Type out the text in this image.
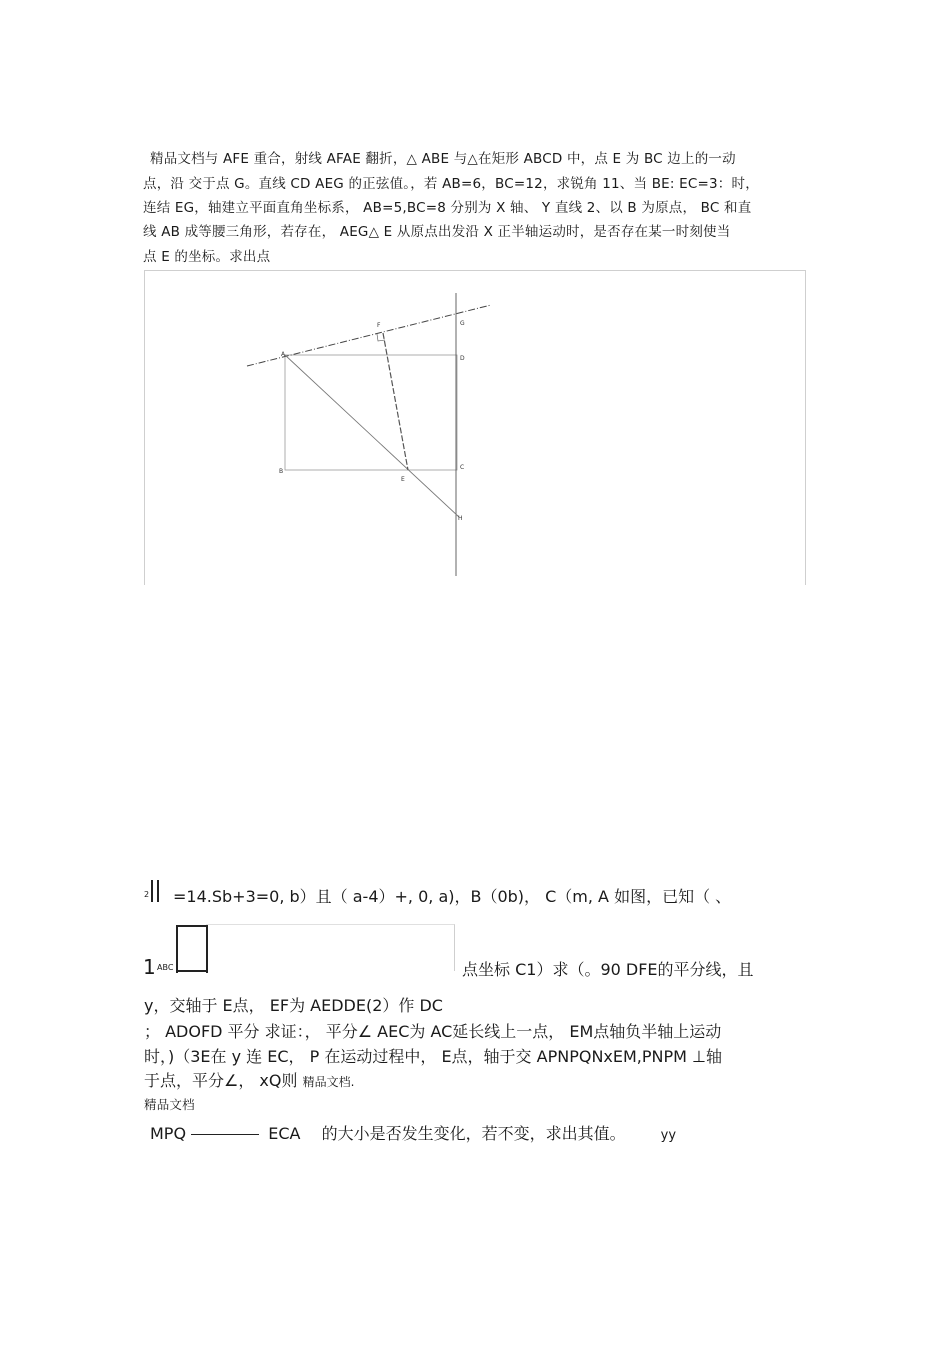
精品文档与 AFE 重合，射线 AFAE 翻折，△ ABE 与△在矩形 ABCD 中，点 E 为 BC 边上的一动
点，沿 交于点 G。直线 CD AEG 的正弦值。，若 AB=6，BC=12，求锐角 11、当 BE: EC=3：时，
连结 EG，轴建立平面直角坐标系， AB=5,BC=8 分别为 X 轴、 Y 直线 2、以 B 为原点， BC 和直
线 AB 成等腰三角形，若存在， AEG△ E 从原点出发沿 X 正半轴运动时，是否存在某一时刻使当
点 E 的坐标。求出点
A
B
C
D
E
F	G
H
2 =14.Sb+3=0, b）且（ a-4）+, 0, a)，B（0b)， C（m, A 如图，已知（ 、
1 ABC	点坐标 C1）求（。90 DFE的平分线，且
y，交轴于 E点， EF为 AEDDE(2）作 DC
； ADOFD 平分 求证：， 平分∠ AEC为 AC延长线上一点， EM点轴负半轴上运动
时，)（3E在 y 连 EC， P 在运动过程中， E点，轴于交 APNPQNxEM,PNPM ⊥轴
于点，平分∠， xQ则 精品文档.
精品文档
MPQ	ECA 的大小是否发生变化，若不变，求出其值。	yy
